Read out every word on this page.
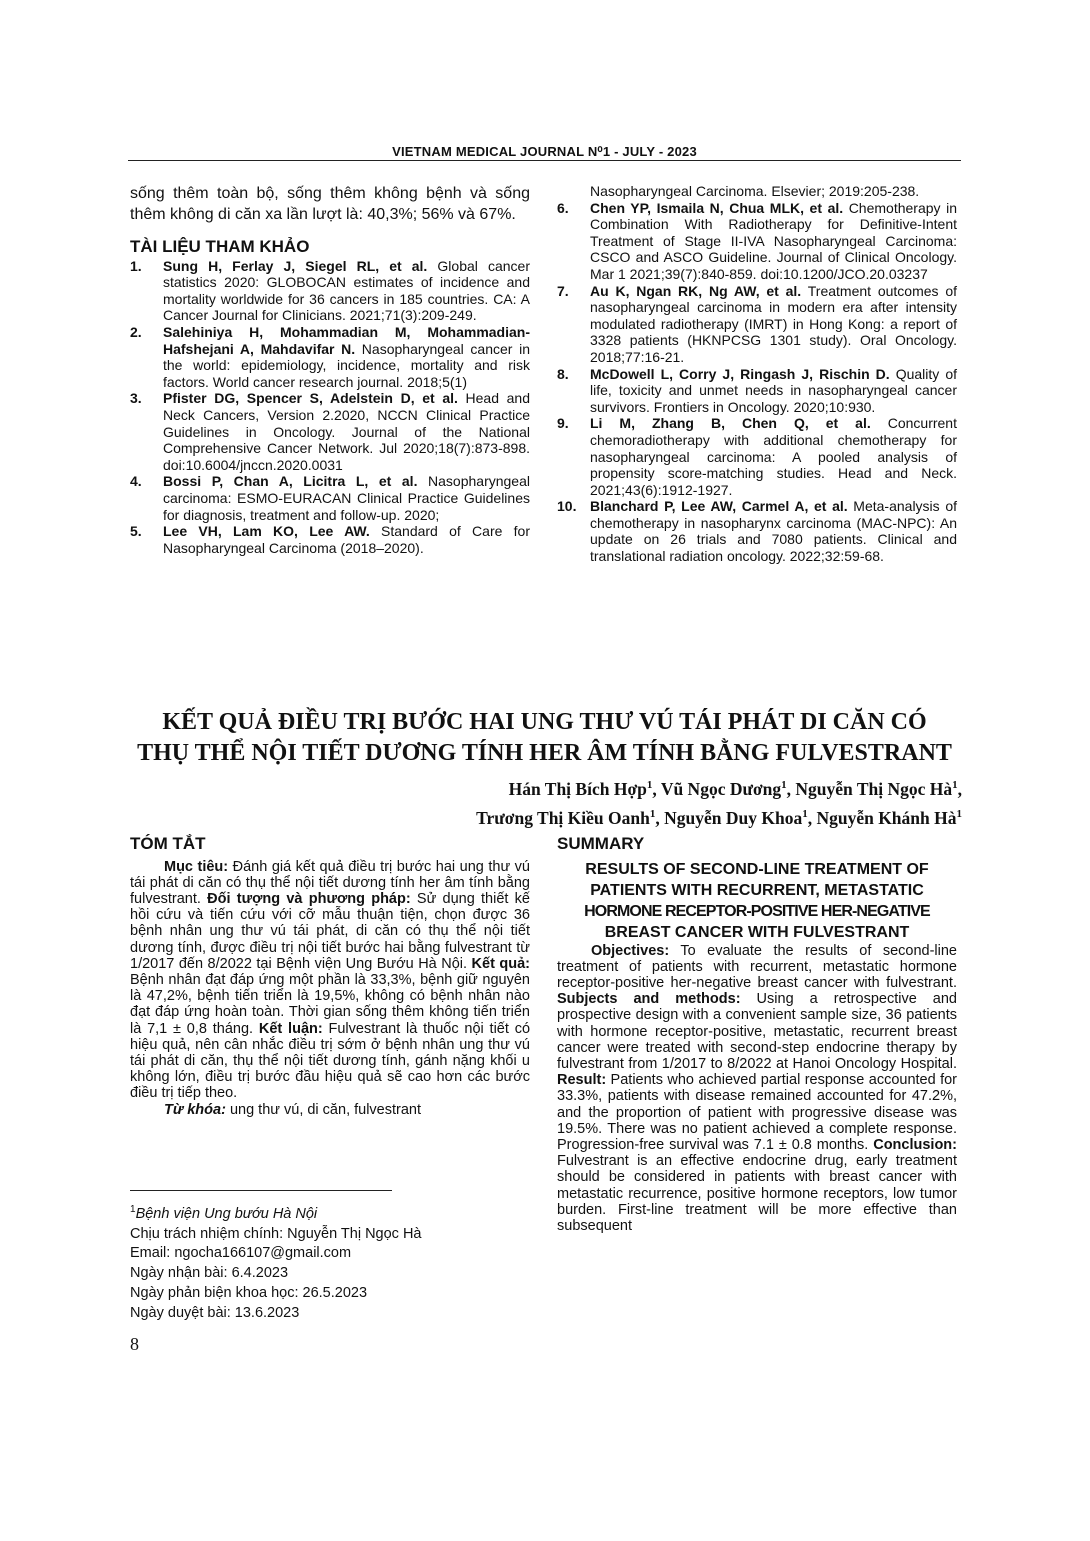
VIETNAM MEDICAL JOURNAL N⁰1 - JULY - 2023

sống thêm toàn bộ, sống thêm không bệnh và sống thêm không di căn xa lần lượt là: 40,3%; 56% và 67%.

TÀI LIỆU THAM KHẢO
1.	Sung H, Ferlay J, Siegel RL, et al. Global cancer statistics 2020: GLOBOCAN estimates of incidence and mortality worldwide for 36 cancers in 185 countries. CA: A Cancer Journal for Clinicians. 2021;71(3):209-249.
2.	Salehiniya H, Mohammadian M, Mohammadian-Hafshejani A, Mahdavifar N. Nasopharyngeal cancer in the world: epidemiology, incidence, mortality and risk factors. World cancer research journal. 2018;5(1)
3.	Pfister DG, Spencer S, Adelstein D, et al. Head and Neck Cancers, Version 2.2020, NCCN Clinical Practice Guidelines in Oncology. Journal of the National Comprehensive Cancer Network. Jul 2020;18(7):873-898. doi:10.6004/jnccn.2020.0031
4.	Bossi P, Chan A, Licitra L, et al. Nasopharyngeal carcinoma: ESMO-EURACAN Clinical Practice Guidelines for diagnosis, treatment and follow-up. 2020;
5.	Lee VH, Lam KO, Lee AW. Standard of Care for Nasopharyngeal Carcinoma (2018–2020).
Nasopharyngeal Carcinoma. Elsevier; 2019:205-238.
6.	Chen YP, Ismaila N, Chua MLK, et al. Chemotherapy in Combination With Radiotherapy for Definitive-Intent Treatment of Stage II-IVA Nasopharyngeal Carcinoma: CSCO and ASCO Guideline. Journal of Clinical Oncology. Mar 1 2021;39(7):840-859. doi:10.1200/JCO.20.03237
7.	Au K, Ngan RK, Ng AW, et al. Treatment outcomes of nasopharyngeal carcinoma in modern era after intensity modulated radiotherapy (IMRT) in Hong Kong: a report of 3328 patients (HKNPCSG 1301 study). Oral Oncology. 2018;77:16-21.
8.	McDowell L, Corry J, Ringash J, Rischin D. Quality of life, toxicity and unmet needs in nasopharyngeal cancer survivors. Frontiers in Oncology. 2020;10:930.
9.	Li M, Zhang B, Chen Q, et al. Concurrent chemoradiotherapy with additional chemotherapy for nasopharyngeal carcinoma: A pooled analysis of propensity score-matching studies. Head and Neck. 2021;43(6):1912-1927.
10. Blanchard P, Lee AW, Carmel A, et al. Meta-analysis of chemotherapy in nasopharynx carcinoma (MAC-NPC): An update on 26 trials and 7080 patients. Clinical and translational radiation oncology. 2022;32:59-68.
KẾT QUẢ ĐIỀU TRỊ BƯỚC HAI UNG THƯ VÚ TÁI PHÁT DI CĂN CÓ
THỤ THỂ NỘI TIẾT DƯƠNG TÍNH HER ÂM TÍNH BẰNG FULVESTRANT
Hán Thị Bích Hợp$^1$, Vũ Ngọc Dương$^1$, Nguyễn Thị Ngọc $Hà^1$,
Trương Thị Kiều Oanh$^1$, Nguyễn Duy Khoa$^1$, Nguyễn Khánh $Hà^1$
TÓM TẮT
Mục tiêu: Đánh giá kết quả điều trị bước hai ung thư vú tái phát di căn có thụ thể nội tiết dương tính her âm tính bằng fulvestrant. Đối tượng và phương pháp: Sử dụng thiết kế hồi cứu và tiến cứu với cỡ mẫu thuận tiện, chọn được 36 bệnh nhân ung thư vú tái phát, di căn có thụ thể nội tiết dương tính, được điều trị nội tiết bước hai bằng fulvestrant từ 1/2017 đến 8/2022 tại Bệnh viện Ung Bướu Hà Nội. Kết quả: Bệnh nhân đạt đáp ứng một phần là 33,3%, bệnh giữ nguyên là 47,2%, bệnh tiến triển là 19,5%, không có bệnh nhân nào đạt đáp ứng hoàn toàn. Thời gian sống thêm không tiến triển là 7,1 ± 0,8 tháng. Kết luận: Fulvestrant là thuốc nội tiết có hiệu quả, nên cân nhắc điều trị sớm ở bệnh nhân ung thư vú tái phát di căn, thụ thể nội tiết dương tính, gánh nặng khối u không lớn, điều trị bước đầu hiệu quả sẽ cao hơn các bước điều trị tiếp theo.
Từ khóa: ung thư vú, di căn, fulvestrant
$^1$Bệnh viện Ung bướu Hà Nội
Chịu trách nhiệm chính: Nguyễn Thị Ngọc Hà
Email: ngocha166107@gmail.com
Ngày nhận bài: 6.4.2023
Ngày phản biện khoa học: 26.5.2023
Ngày duyệt bài: 13.6.2023
8
SUMMARY
RESULTS OF SECOND-LINE TREATMENT OF
PATIENTS WITH RECURRENT, METASTATIC
HORMONE RECEPTOR-POSITIVE HER-NEGATIVE
BREAST CANCER WITH FULVESTRANT
Objectives: To evaluate the results of second-line treatment of patients with recurrent, metastatic hormone receptor-positive her-negative breast cancer with fulvestrant. Subjects and methods: Using a retrospective and prospective design with a convenient sample size, 36 patients with hormone receptor-positive, metastatic, recurrent breast cancer were treated with second-step endocrine therapy by fulvestrant from 1/2017 to 8/2022 at Hanoi Oncology Hospital. Result: Patients who achieved partial response accounted for 33.3%, patients with disease remained accounted for 47.2%, and the proportion of patient with progressive disease was 19.5%. There was no patient achieved a complete response. Progression-free survival was 7.1 ± 0.8 months. Conclusion: Fulvestrant is an effective endocrine drug, early treatment should be considered in patients with breast cancer with metastatic recurrence, positive hormone receptors, low tumor burden. First-line treatment will be more effective than subsequent
